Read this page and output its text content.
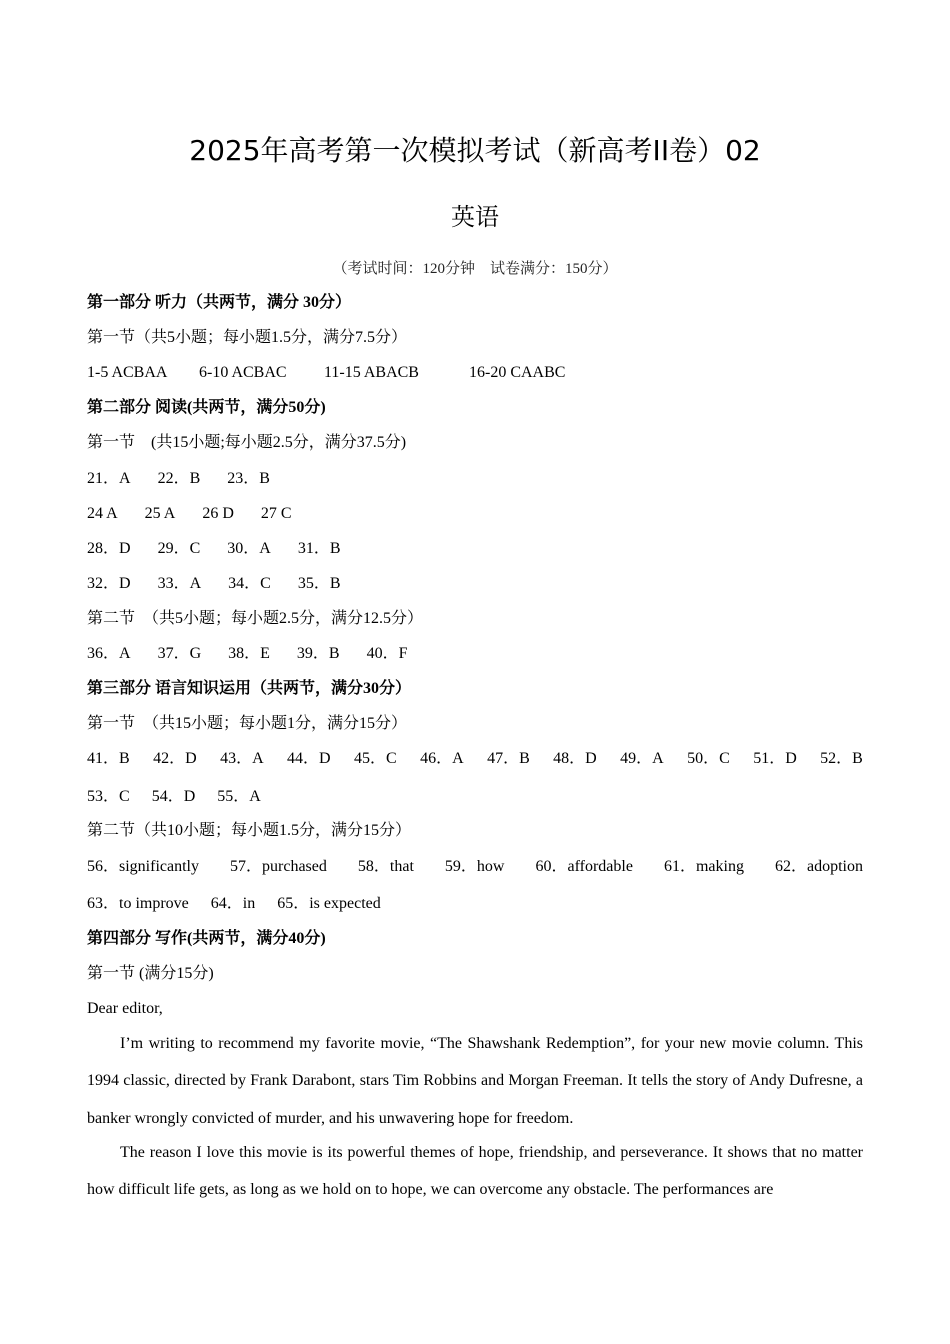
2025年高考第一次模拟考试（新高考II卷）02
英语
（考试时间：120分钟　试卷满分：150分）
第一部分 听力（共两节，满分 30分）
第一节（共5小题；每小题1.5分，满分7.5分）
1-5 ACBAA 6-10 ACBAC 11-15 ABACB	16-20 CAABC
第二部分 阅读(共两节，满分50分)
第一节　(共15小题;每小题2.5分，满分37.5分)
21．A 22．B 23．B
24 A 25 A 26 D 27 C
28．D 29．C 30．A 31．B
32．D 33．A 34．C 35．B
第二节　（共5小题；每小题2.5分，满分12.5分）
36．A 37．G 38．E 39．B 40．F
第三部分 语言知识运用（共两节，满分30分）
第一节　（共15小题；每小题1分，满分15分）
41．B 42．D 43．A 44．D 45．C 46．A 47．B 48．D 49．A 50．C 51．D 52．B
53．C 54．D 55．A
第二节（共10小题；每小题1.5分，满分15分）
56．significantly 57．purchased 58．that 59．how 60．affordable 61．making 62．adoption
63．to improve 64．in 65．is expected
第四部分 写作(共两节，满分40分)
第一节 (满分15分)
Dear editor,
I’m writing to recommend my favorite movie, “The Shawshank Redemption”, for your new movie column. This 1994 classic, directed by Frank Darabont, stars Tim Robbins and Morgan Freeman. It tells the story of Andy Dufresne, a banker wrongly convicted of murder, and his unwavering hope for freedom.
The reason I love this movie is its powerful themes of hope, friendship, and perseverance. It shows that no matter how difficult life gets, as long as we hold on to hope, we can overcome any obstacle. The performances are
